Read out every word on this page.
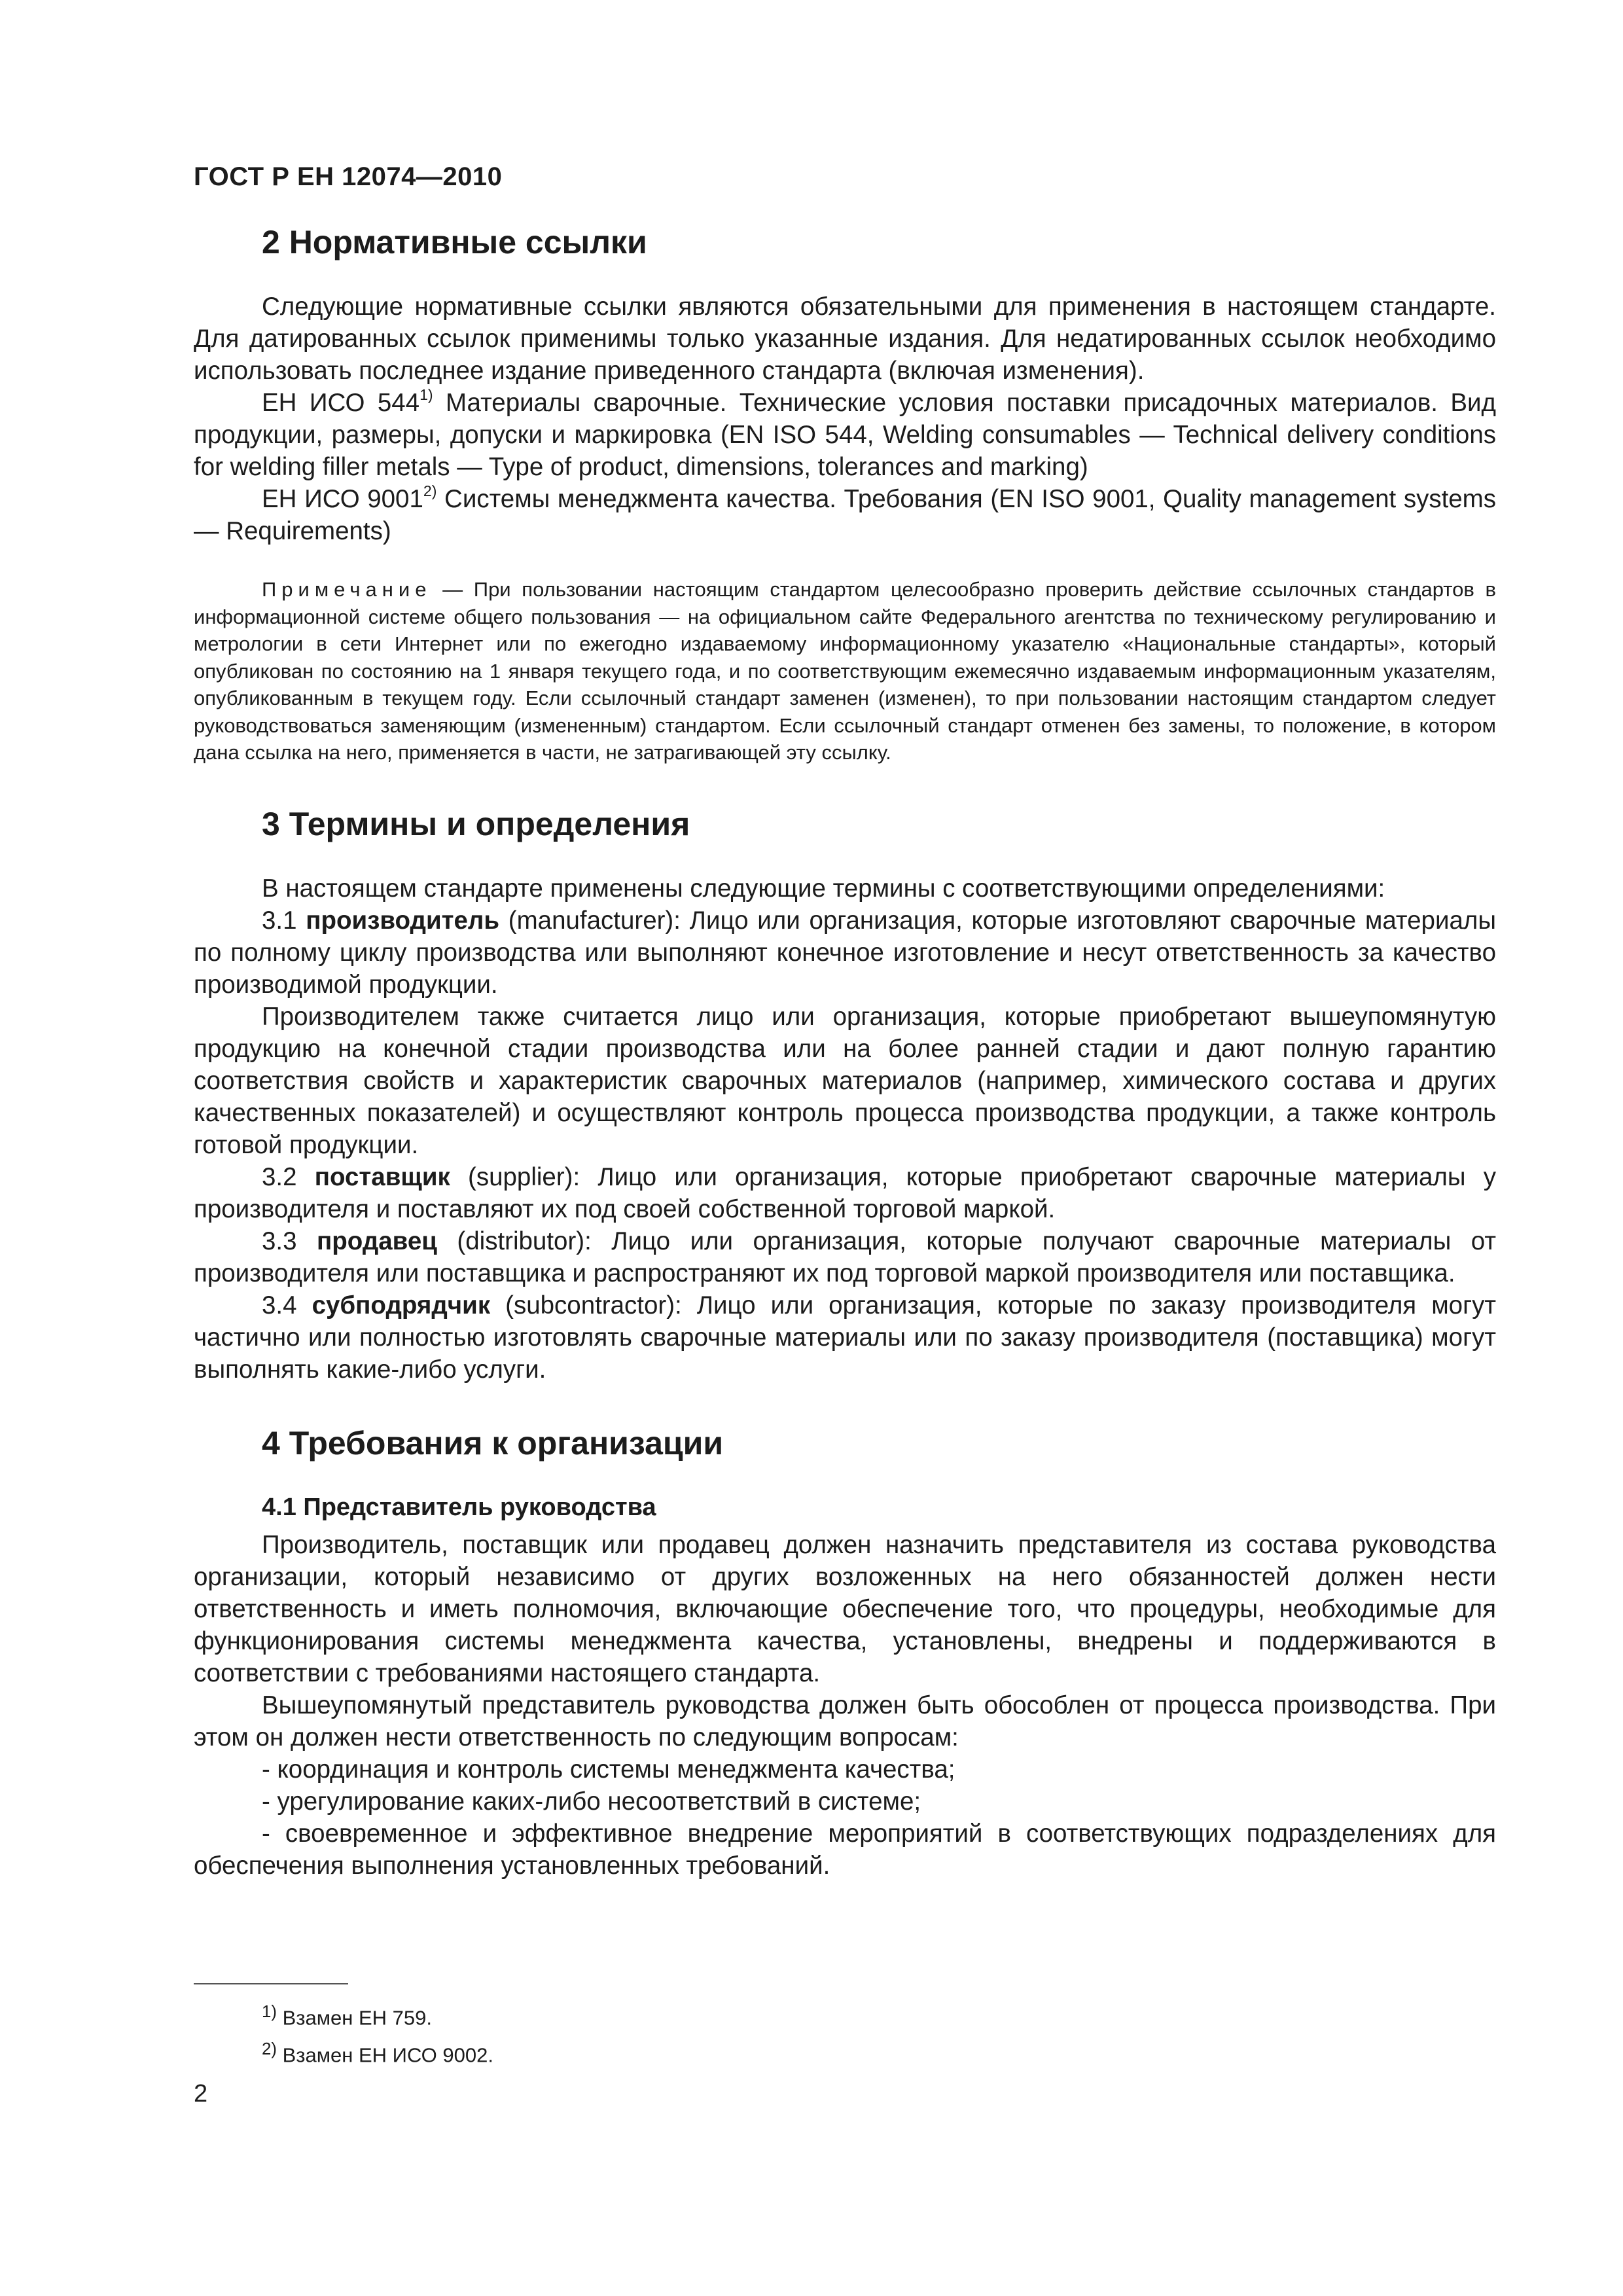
ГОСТ Р ЕН 12074—2010
2 Нормативные ссылки

Следующие нормативные ссылки являются обязательными для применения в настоящем стандарте. Для датированных ссылок применимы только указанные издания. Для недатированных ссылок необходимо использовать последнее издание приведенного стандарта (включая изменения).

ЕН ИСО 544$^{1)}$ Материалы сварочные. Технические условия поставки присадочных материалов. Вид продукции, размеры, допуски и маркировка (EN ISO 544, Welding consumables — Technical delivery conditions for welding filler metals — Type of product, dimensions, tolerances and marking)

ЕН ИСО 9001$^{2)}$ Системы менеджмента качества. Требования (EN ISO 9001, Quality management systems — Requirements)

Примечание — При пользовании настоящим стандартом целесообразно проверить действие ссылочных стандартов в информационной системе общего пользования — на официальном сайте Федерального агентства по техническому регулированию и метрологии в сети Интернет или по ежегодно издаваемому информационному указателю «Национальные стандарты», который опубликован по состоянию на 1 января текущего года, и по соответствующим ежемесячно издаваемым информационным указателям, опубликованным в текущем году. Если ссылочный стандарт заменен (изменен), то при пользовании настоящим стандартом следует руководствоваться заменяющим (измененным) стандартом. Если ссылочный стандарт отменен без замены, то положение, в котором дана ссылка на него, применяется в части, не затрагивающей эту ссылку.

3 Термины и определения

В настоящем стандарте применены следующие термины с соответствующими определениями:

3.1 производитель (manufacturer): Лицо или организация, которые изготовляют сварочные материалы по полному циклу производства или выполняют конечное изготовление и несут ответственность за качество производимой продукции.

Производителем также считается лицо или организация, которые приобретают вышеупомянутую продукцию на конечной стадии производства или на более ранней стадии и дают полную гарантию соответствия свойств и характеристик сварочных материалов (например, химического состава и других качественных показателей) и осуществляют контроль процесса производства продукции, а также контроль готовой продукции.

3.2 поставщик (supplier): Лицо или организация, которые приобретают сварочные материалы у производителя и поставляют их под своей собственной торговой маркой.

3.3 продавец (distributor): Лицо или организация, которые получают сварочные материалы от производителя или поставщика и распространяют их под торговой маркой производителя или поставщика.

3.4 субподрядчик (subcontractor): Лицо или организация, которые по заказу производителя могут частично или полностью изготовлять сварочные материалы или по заказу производителя (поставщика) могут выполнять какие-либо услуги.

4 Требования к организации
4.1 Представитель руководства

Производитель, поставщик или продавец должен назначить представителя из состава руководства организации, который независимо от других возложенных на него обязанностей должен нести ответственность и иметь полномочия, включающие обеспечение того, что процедуры, необходимые для функционирования системы менеджмента качества, установлены, внедрены и поддерживаются в соответствии с требованиями настоящего стандарта.

Вышеупомянутый представитель руководства должен быть обособлен от процесса производства. При этом он должен нести ответственность по следующим вопросам:

- координация и контроль системы менеджмента качества;

- урегулирование каких-либо несоответствий в системе;

- своевременное и эффективное внедрение мероприятий в соответствующих подразделениях для обеспечения выполнения установленных требований.

$^{1)}$ Взамен ЕН 759.
$^{2)}$ Взамен ЕН ИСО 9002.
2
